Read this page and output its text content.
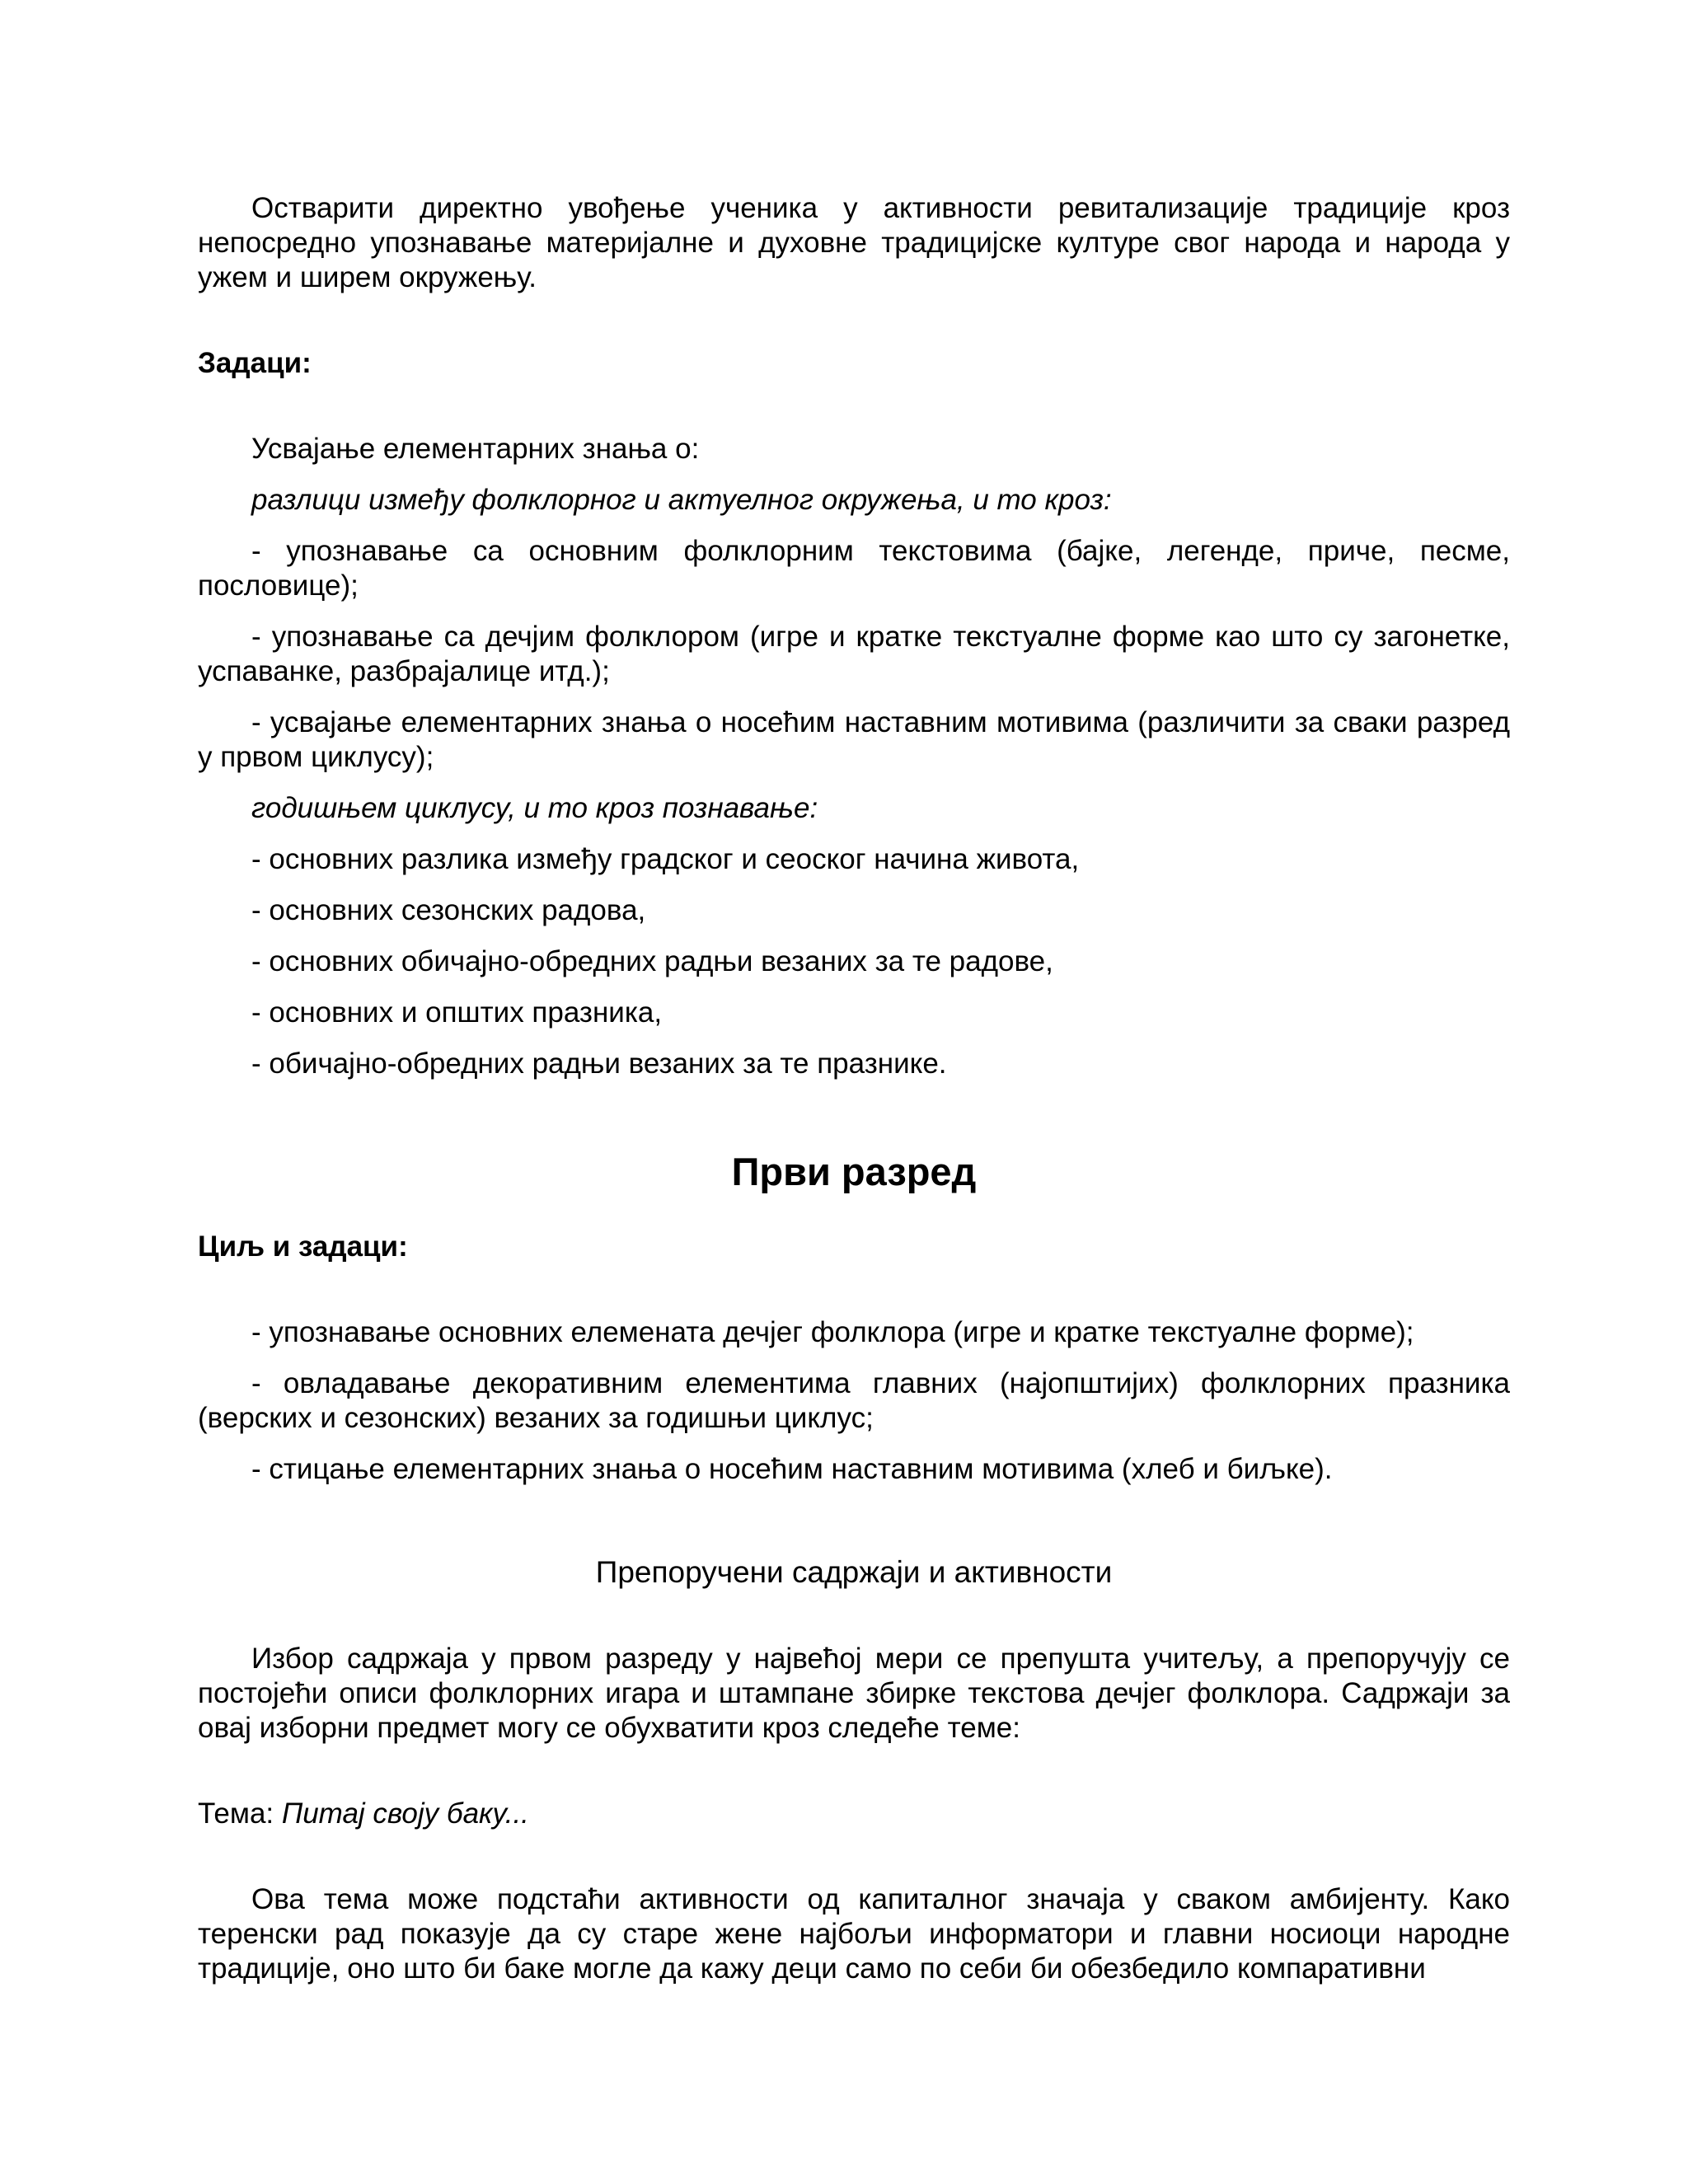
Остварити директно увођење ученика у активности ревитализације традиције кроз непосредно упознавање материјалне и духовне традицијске културе свог народа и народа у ужем и ширем окружењу.

Задаци:

Усвајање елементарних знања о:

разлици између фолклорног и актуелног окружења, и то кроз:

- упознавање са основним фолклорним текстовима (бајке, легенде, приче, песме, пословице);

- упознавање са дечјим фолклором (игре и кратке текстуалне форме као што су загонетке, успаванке, разбрајалице итд.);

- усвајање елементарних знања о носећим наставним мотивима (различити за сваки разред у првом циклусу);

годишњем циклусу, и то кроз познавање:

- основних разлика између градског и сеоског начина живота,

- основних сезонских радова,

- основних обичајно-обредних радњи везаних за те радове,

- основних и општих празника,

- обичајно-обредних радњи везаних за те празнике.

Први разред
Циљ и задаци:

- упознавање основних елемената дечјег фолклора (игре и кратке текстуалне форме);

- овладавање декоративним елементима главних (најопштијих) фолклорних празника (верских и сезонских) везаних за годишњи циклус;

- стицање елементарних знања о носећим наставним мотивима (хлеб и биљке).

Препоручени садржаји и активности

Избор садржаја у првом разреду у највећој мери се препушта учитељу, а препоручују се постојећи описи фолклорних игара и штампане збирке текстова дечјег фолклора. Садржаји за овај изборни предмет могу се обухватити кроз следеће теме:

Тема: Питај своју баку...

Ова тема може подстаћи активности од капиталног значаја у сваком амбијенту. Како теренски рад показује да су старе жене најбољи информатори и главни носиоци народне традиције, оно што би баке могле да кажу деци само по себи би обезбедило компаративни
